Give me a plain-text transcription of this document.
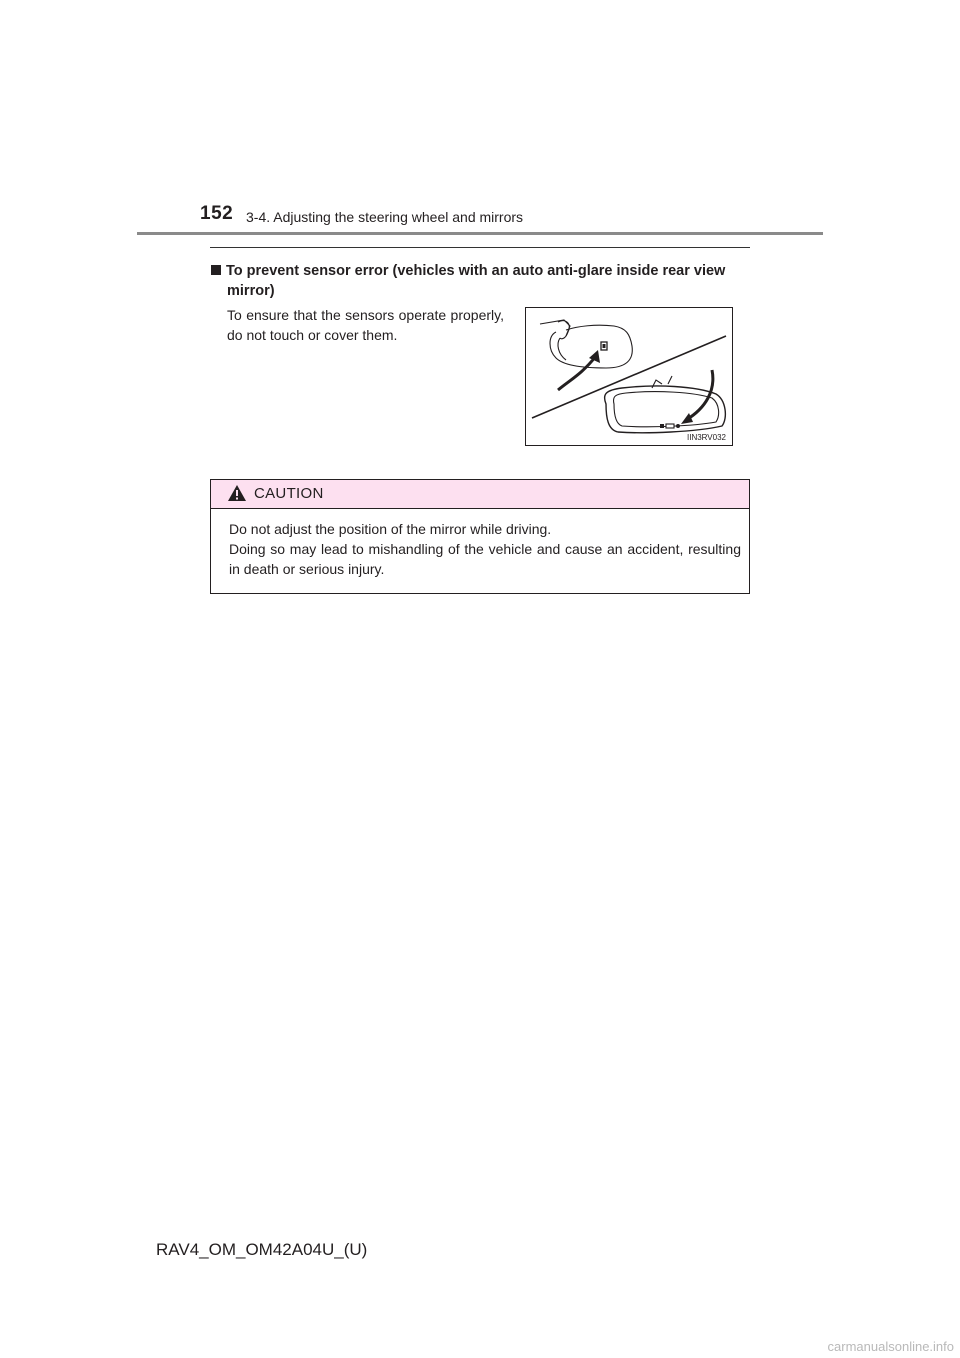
152 3-4. Adjusting the steering wheel and mirrors
To prevent sensor error (vehicles with an auto anti-glare inside rear view
mirror)
To ensure that the sensors operate properly, do not touch or cover them.
IIN3RV032
CAUTION

Do not adjust the position of the mirror while driving.

Doing so may lead to mishandling of the vehicle and cause an accident, resulting in death or serious injury.

RAV4_OM_OM42A04U_(U)
carmanualsonline.info
